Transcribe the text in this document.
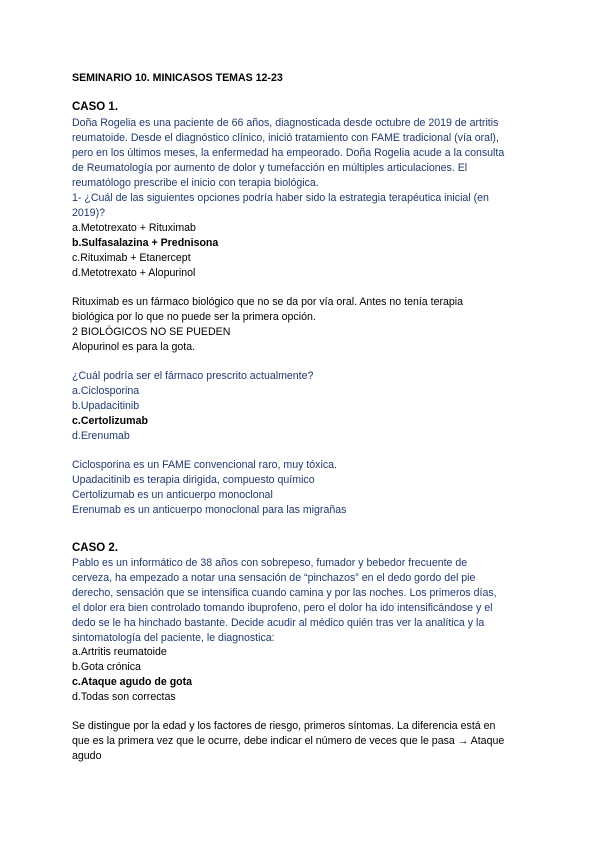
SEMINARIO 10. MINICASOS TEMAS 12-23
CASO 1.
Doña Rogelia es una paciente de 66 años, diagnosticada desde octubre de 2019 de artritis
reumatoide. Desde el diagnóstico clínico, inició tratamiento con FAME tradicional (vía oral),
pero en los últimos meses, la enfermedad ha empeorado. Doña Rogelia acude a la consulta
de Reumatología por aumento de dolor y tumefacción en múltiples articulaciones. El
reumatólogo prescribe el inicio con terapia biológica.
1- ¿Cuál de las siguientes opciones podría haber sido la estrategia terapéutica inicial (en
2019)?
a.Metotrexato + Rituximab
b.Sulfasalazina + Prednisona
c.Rituximab + Etanercept
d.Metotrexato + Alopurinol
Rituximab es un fármaco biológico que no se da por vía oral. Antes no tenía terapia
biológica por lo que no puede ser la primera opción.
2 BIOLÓGICOS NO SE PUEDEN
Alopurinol es para la gota.
¿Cuál podría ser el fármaco prescrito actualmente?
a.Ciclosporina
b.Upadacitinib
c.Certolizumab
d.Erenumab
Ciclosporina es un FAME convencional raro, muy tóxica.
Upadacitinib es terapia dirigida, compuesto químico
Certolizumab es un anticuerpo monoclonal
Erenumab es un anticuerpo monoclonal para las migrañas
CASO 2.
Pablo es un informático de 38 años con sobrepeso, fumador y bebedor frecuente de
cerveza, ha empezado a notar una sensación de “pinchazos” en el dedo gordo del pie
derecho, sensación que se intensifica cuando camina y por las noches. Los primeros días,
el dolor era bien controlado tomando ibuprofeno, pero el dolor ha ido intensificándose y el
dedo se le ha hinchado bastante. Decide acudir al médico quién tras ver la analítica y la
sintomatología del paciente, le diagnostica:
a.Artritis reumatoide
b.Gota crónica
c.Ataque agudo de gota
d.Todas son correctas
Se distingue por la edad y los factores de riesgo, primeros síntomas. La diferencia está en
que es la primera vez que le ocurre, debe indicar el número de veces que le pasa → Ataque
agudo
